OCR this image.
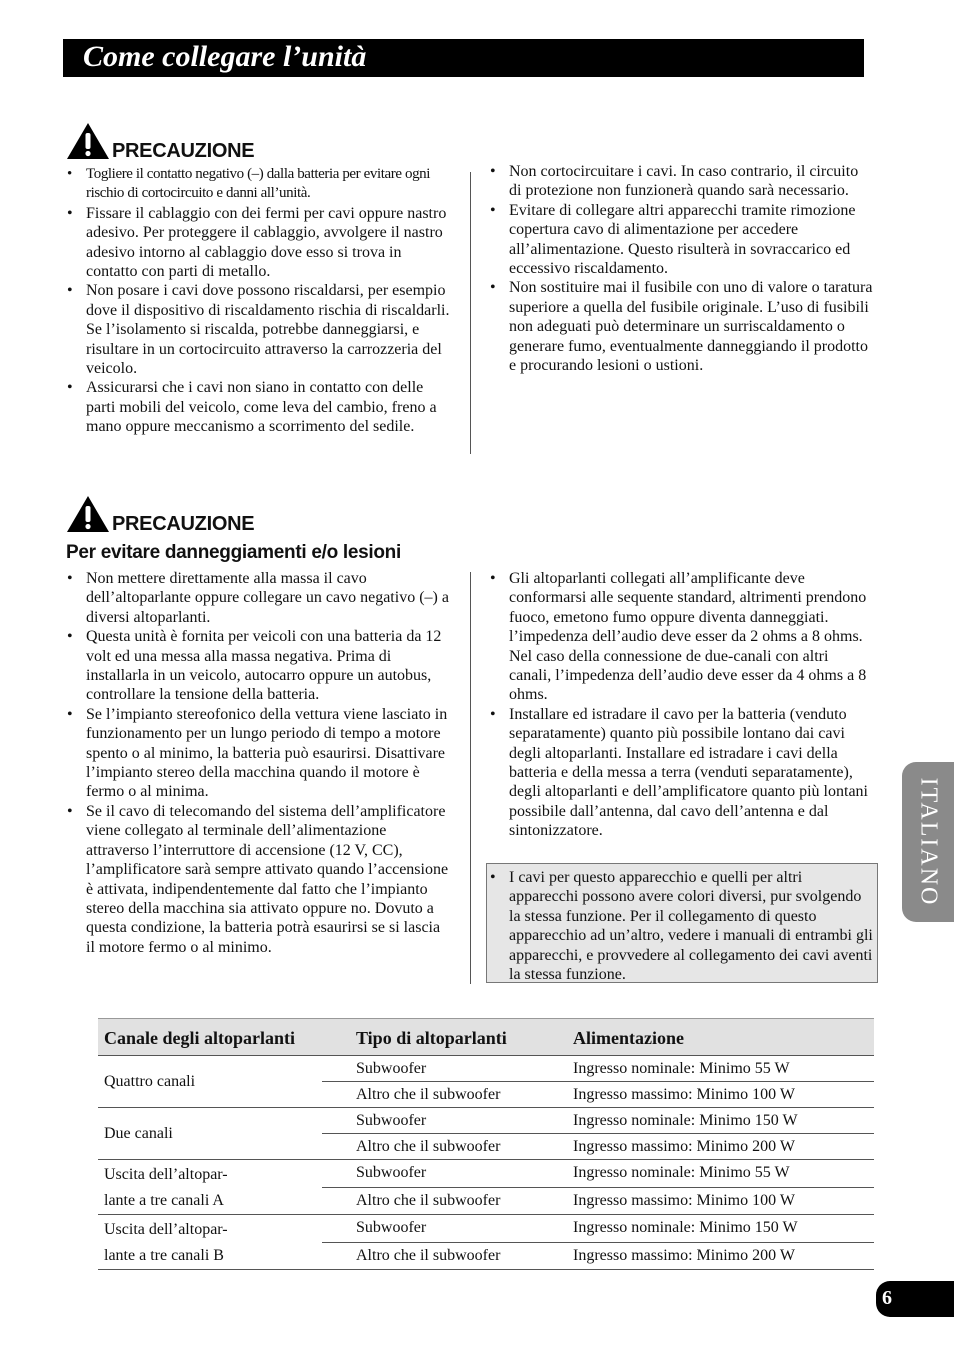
Come collegare l’unità
PRECAUZIONE
• Togliere il contatto negativo (–) dalla batteria per evitare ogni rischio di cortocircuito e danni all’unità.
• Fissare il cablaggio con dei fermi per cavi oppure nastro adesivo. Per proteggere il cablaggio, avvolgere il nastro adesivo intorno al cablaggio dove esso si trova in contatto con parti di metallo.
• Non posare i cavi dove possono riscaldarsi, per esempio dove il dispositivo di riscaldamento rischia di riscaldarli. Se l’isolamento si riscalda, potrebbe danneggiarsi, e risultare in un cortocircuito attraverso la carrozzeria del veicolo.
• Assicurarsi che i cavi non siano in contatto con delle parti mobili del veicolo, come leva del cambio, freno a mano oppure meccanismo a scorrimento del sedile.
• Non cortocircuitare i cavi. In caso contrario, il circuito di protezione non funzionerà quando sarà necessario.
• Evitare di collegare altri apparecchi tramite rimozione copertura cavo di alimentazione per accedere all’alimentazione. Questo risulterà in sovraccarico ed eccessivo riscaldamento.
• Non sostituire mai il fusibile con uno di valore o taratura superiore a quella del fusibile originale. L’uso di fusibili non adeguati può determinare un surriscaldamento o generare fumo, eventualmente danneggiando il prodotto e procurando lesioni o ustioni.
PRECAUZIONE
Per evitare danneggiamenti e/o lesioni
• Non mettere direttamente alla massa il cavo dell’altoparlante oppure collegare un cavo negativo (–) a diversi altoparlanti.
• Questa unità è fornita per veicoli con una batteria da 12 volt ed una messa alla massa negativa. Prima di installarla in un veicolo, autocarro oppure un autobus, controllare la tensione della batteria.
• Se l’impianto stereofonico della vettura viene lasciato in funzionamento per un lungo periodo di tempo a motore spento o al minimo, la batteria può esaurirsi. Disattivare l’impianto stereo della macchina quando il motore è fermo o al minima.
• Se il cavo di telecomando del sistema dell’amplificatore viene collegato al terminale dell’alimentazione attraverso l’interruttore di accensione (12 V, CC), l’amplificatore sarà sempre attivato quando l’accensione è attivata, indipendentemente dal fatto che l’impianto stereo della macchina sia attivato oppure no. Dovuto a questa condizione, la batteria potrà esaurirsi se si lascia il motore fermo o al minimo.
• Gli altoparlanti collegati all’amplificante deve conformarsi alle sequente standard, altrimenti prendono fuoco, emetono fumo oppure diventa danneggiati. l’impedenza dell’audio deve esser da 2 ohms a 8 ohms. Nel caso della connessione de due-canali con altri canali, l’impedenza dell’audio deve esser da 4 ohms a 8 ohms.
• Installare ed istradare il cavo per la batteria (venduto separatamente) quanto più possibile lontano dai cavi degli altoparlanti. Installare ed istradare i cavi della batteria e della messa a terra (venduti separatamente), degli altoparlanti e dell’amplificatore quanto più lontani possibile dall’antenna, dal cavo dell’antenna e dal sintonizzatore.
• I cavi per questo apparecchio e quelli per altri apparecchi possono avere colori diversi, pur svolgendo la stessa funzione. Per il collegamento di questo apparecchio ad un’altro, vedere i manuali di entrambi gli apparecchi, e provvedere al collegamento dei cavi aventi la stessa funzione.
Canale degli altoparlanti	Tipo di altoparlanti	Alimentazione
Quattro canali	Subwoofer	Ingresso nominale: Minimo 55 W
	Altro che il subwoofer	Ingresso massimo: Minimo 100 W
Due canali	Subwoofer	Ingresso nominale: Minimo 150 W
	Altro che il subwoofer	Ingresso massimo: Minimo 200 W

Uscita dell’altopar-
lante a tre canali A	Subwoofer	Ingresso nominale: Minimo 55 W
	Altro che il subwoofer	Ingresso massimo: Minimo 100 W

Uscita dell’altopar-
lante a tre canali B	Subwoofer	Ingresso nominale: Minimo 150 W
	Altro che il subwoofer	Ingresso massimo: Minimo 200 W
ITALIANO
6
